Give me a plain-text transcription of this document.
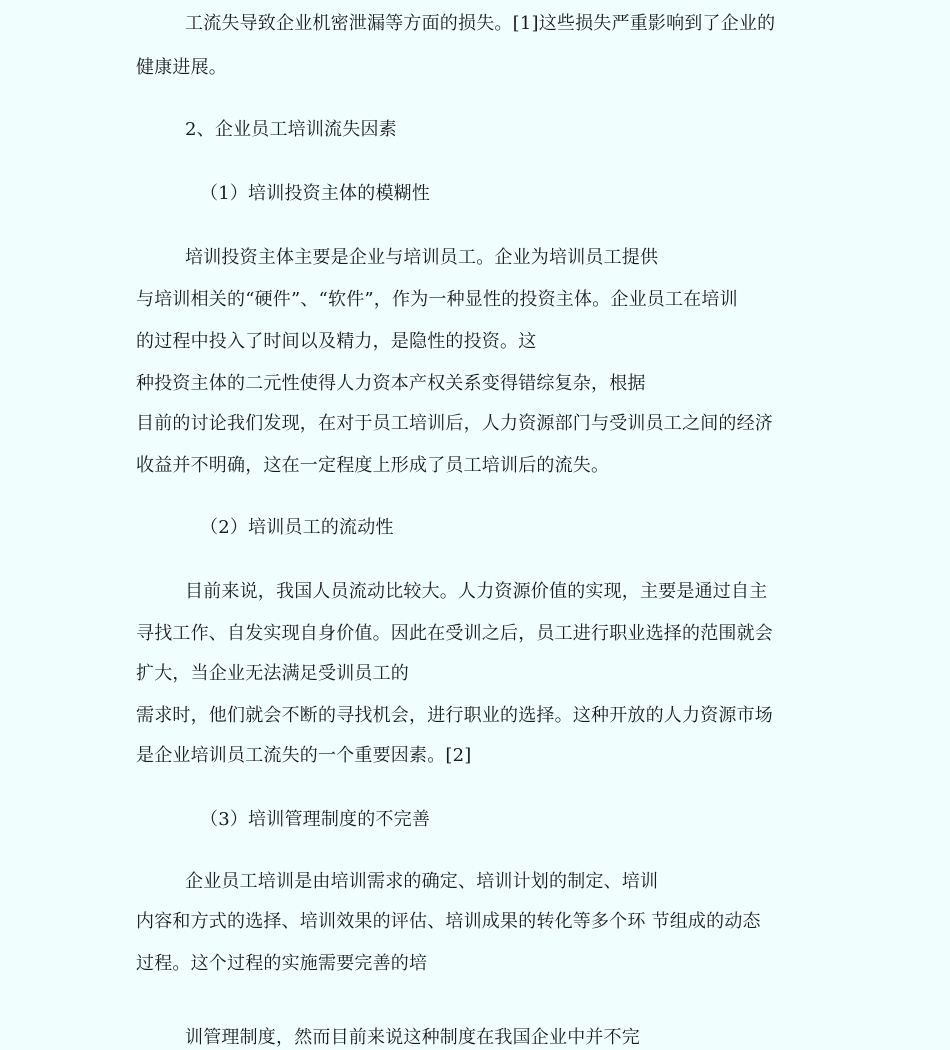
工流失导致企业机密泄漏等方面的损失。[1]这些损失严重影响到了企业的
健康进展。
2、企业员工培训流失因素
（1）培训投资主体的模糊性
培训投资主体主要是企业与培训员工。企业为培训员工提供
与培训相关的“硬件”、“软件”，作为一种显性的投资主体。企业员工在培训
的过程中投入了时间以及精力，是隐性的投资。这
种投资主体的二元性使得人力资本产权关系变得错综复杂，根据
目前的讨论我们发现，在对于员工培训后，人力资源部门与受训员工之间的经济
收益并不明确，这在一定程度上形成了员工培训后的流失。
（2）培训员工的流动性
目前来说，我国人员流动比较大。人力资源价值的实现，主要是通过自主
寻找工作、自发实现自身价值。因此在受训之后，员工进行职业选择的范围就会
扩大，当企业无法满足受训员工的
需求时，他们就会不断的寻找机会，进行职业的选择。这种开放的人力资源市场
是企业培训员工流失的一个重要因素。[2]
（3）培训管理制度的不完善
企业员工培训是由培训需求的确定、培训计划的制定、培训
内容和方式的选择、培训效果的评估、培训成果的转化等多个环 节组成的动态
过程。这个过程的实施需要完善的培
训管理制度，然而目前来说这种制度在我国企业中并不完
